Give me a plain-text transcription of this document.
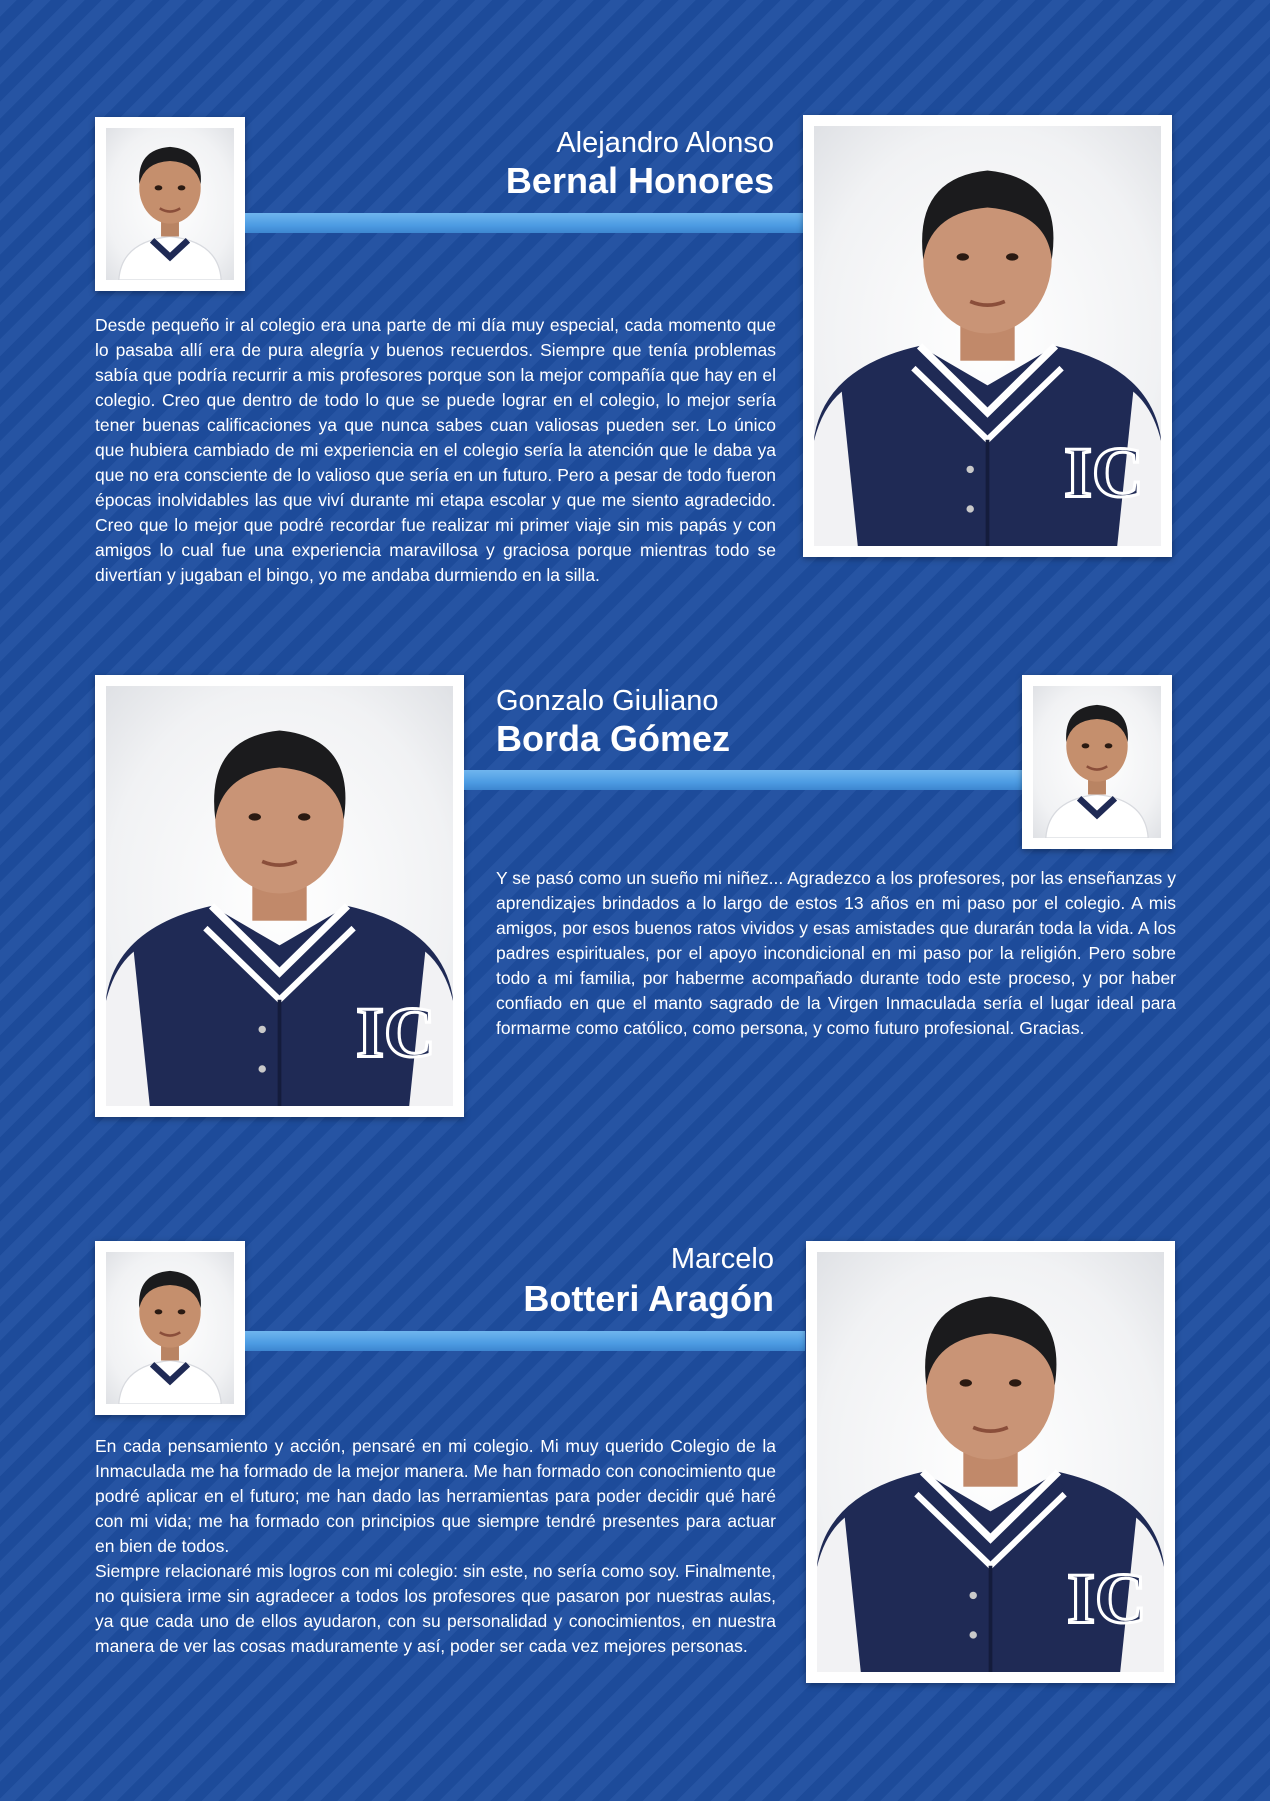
Alejandro Alonso
Bernal Honores

Desde pequeño ir al colegio era una parte de mi día muy especial, cada momento que lo pasaba allí era de pura alegría y buenos recuerdos. Siempre que tenía problemas sabía que podría recurrir a mis profesores porque son la mejor compañía que hay en el colegio. Creo que dentro de todo lo que se puede lograr en el colegio, lo mejor sería tener buenas calificaciones ya que nunca sabes cuan valiosas pueden ser. Lo único que hubiera cambiado de mi experiencia en el colegio sería la atención que le daba ya que no era consciente de lo valioso que sería en un futuro. Pero a pesar de todo fueron épocas inolvidables las que viví durante mi etapa escolar y que me siento agradecido. Creo que lo mejor que podré recordar fue realizar mi primer viaje sin mis papás y con amigos lo cual fue una experiencia maravillosa y graciosa porque mientras todo se divertían y jugaban el bingo, yo me andaba durmiendo en la silla.

Gonzalo Giuliano
Borda Gómez

Y se pasó como un sueño mi niñez... Agradezco a los profesores, por las enseñanzas y aprendizajes brindados a lo largo de estos 13 años en mi paso por el colegio. A mis amigos, por esos buenos ratos vividos y esas amistades que durarán toda la vida. A los padres espirituales, por el apoyo incondicional en mi paso por la religión. Pero sobre todo a mi familia, por haberme acompañado durante todo este proceso, y por haber confiado en que el manto sagrado de la Virgen Inmaculada sería el lugar ideal para formarme como católico, como persona, y como futuro profesional. Gracias.

Marcelo
Botteri Aragón

En cada pensamiento y acción, pensaré en mi colegio. Mi muy querido Colegio de la Inmaculada me ha formado de la mejor manera. Me han formado con conocimiento que podré aplicar en el futuro; me han dado las herramientas para poder decidir qué haré con mi vida; me ha formado con principios que siempre tendré presentes para actuar en bien de todos.

Siempre relacionaré mis logros con mi colegio: sin este, no sería como soy. Finalmente, no quisiera irme sin agradecer a todos los profesores que pasaron por nuestras aulas, ya que cada uno de ellos ayudaron, con su personalidad y conocimientos, en nuestra manera de ver las cosas maduramente y así, poder ser cada vez mejores personas.
